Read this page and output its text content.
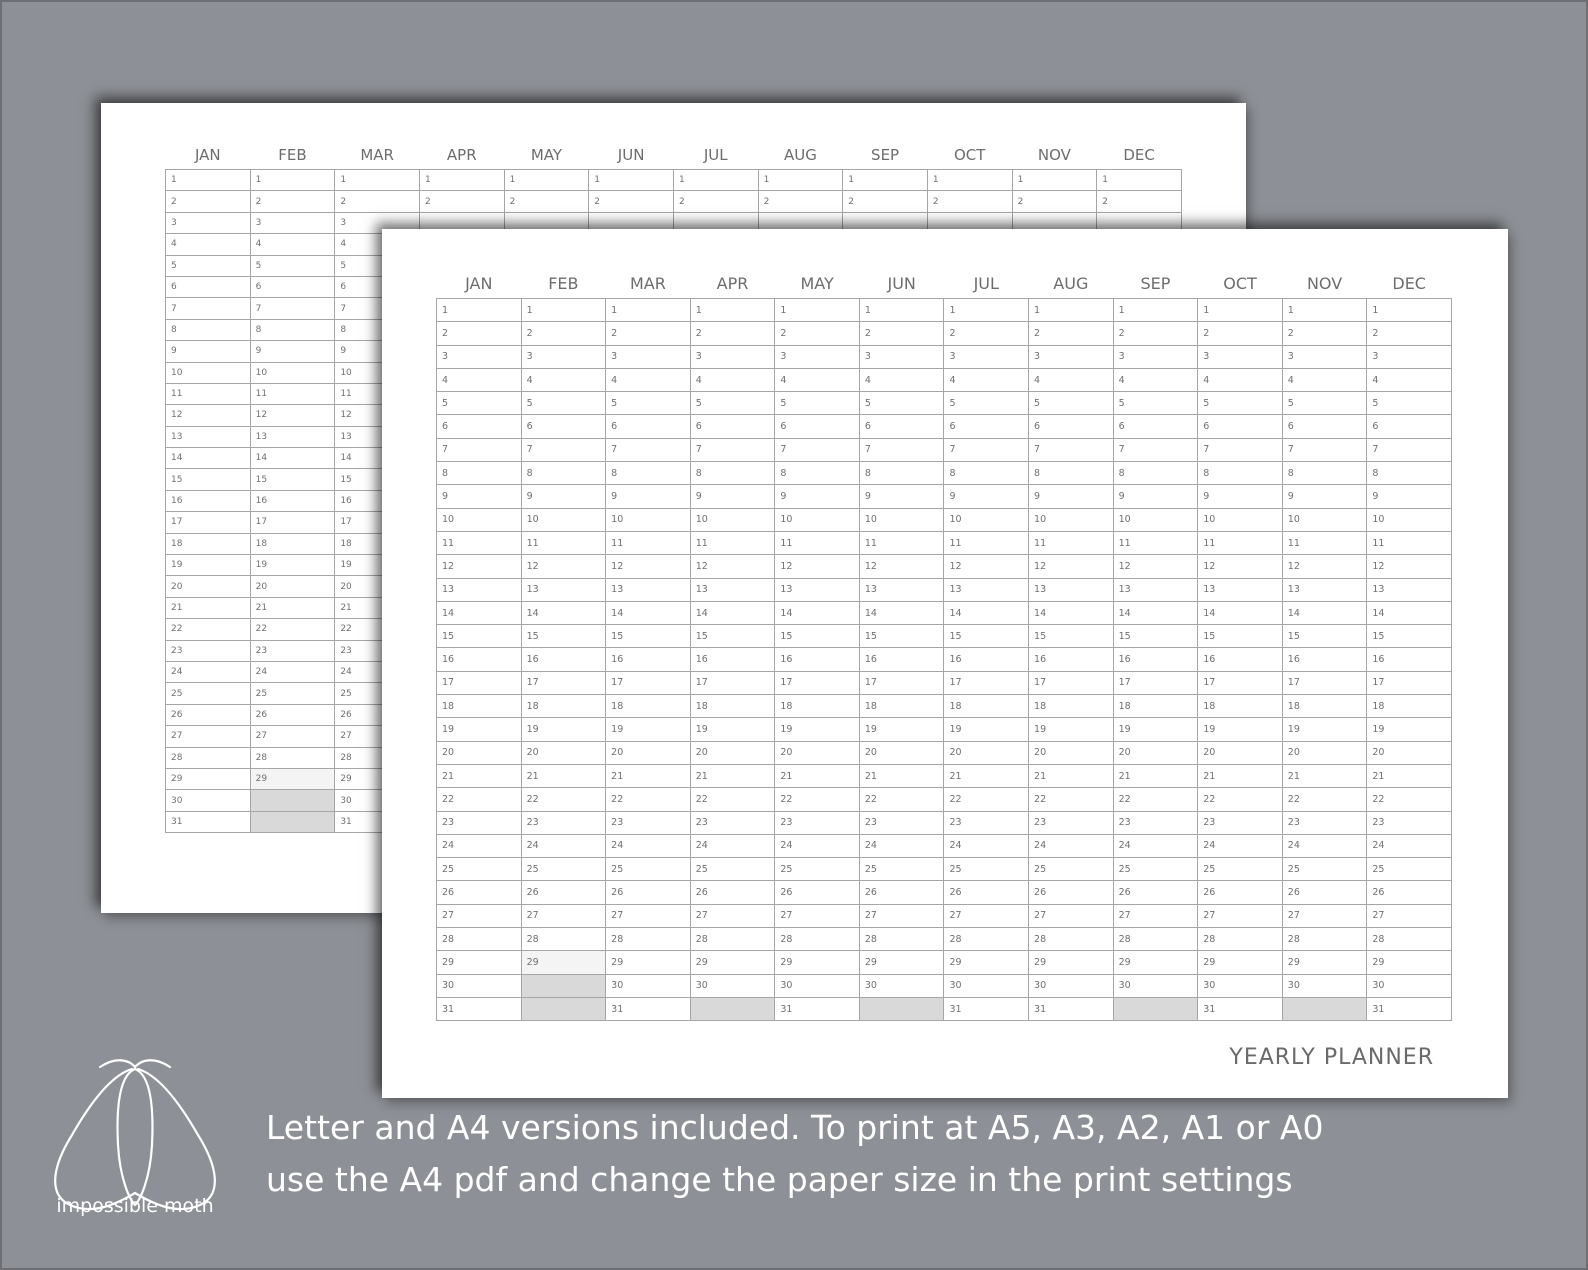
JAN	FEB	MAR	APR	MAY	JUN	JUL	AUG	SEP	OCT	NOV	DEC
1	1	1	1	1	1	1	1	1	1	1	1
2	2	2	2	2	2	2	2	2	2	2	2
3	3	3									
4	4	4									
5	5	5									
6	6	6									
7	7	7									
8	8	8									
9	9	9									
10	10	10									
11	11	11									
12	12	12									
13	13	13									
14	14	14									
15	15	15									
16	16	16									
17	17	17									
18	18	18									
19	19	19									
20	20	20									
21	21	21									
22	22	22									
23	23	23									
24	24	24									
25	25	25									
26	26	26									
27	27	27									
28	28	28									
29	29	29									
30		30									
31		31									
JAN	FEB	MAR	APR	MAY	JUN	JUL	AUG	SEP	OCT	NOV	DEC
1	1	1	1	1	1	1	1	1	1	1	1
2	2	2	2	2	2	2	2	2	2	2	2
3	3	3	3	3	3	3	3	3	3	3	3
4	4	4	4	4	4	4	4	4	4	4	4
5	5	5	5	5	5	5	5	5	5	5	5
6	6	6	6	6	6	6	6	6	6	6	6
7	7	7	7	7	7	7	7	7	7	7	7
8	8	8	8	8	8	8	8	8	8	8	8
9	9	9	9	9	9	9	9	9	9	9	9
10	10	10	10	10	10	10	10	10	10	10	10
11	11	11	11	11	11	11	11	11	11	11	11
12	12	12	12	12	12	12	12	12	12	12	12
13	13	13	13	13	13	13	13	13	13	13	13
14	14	14	14	14	14	14	14	14	14	14	14
15	15	15	15	15	15	15	15	15	15	15	15
16	16	16	16	16	16	16	16	16	16	16	16
17	17	17	17	17	17	17	17	17	17	17	17
18	18	18	18	18	18	18	18	18	18	18	18
19	19	19	19	19	19	19	19	19	19	19	19
20	20	20	20	20	20	20	20	20	20	20	20
21	21	21	21	21	21	21	21	21	21	21	21
22	22	22	22	22	22	22	22	22	22	22	22
23	23	23	23	23	23	23	23	23	23	23	23
24	24	24	24	24	24	24	24	24	24	24	24
25	25	25	25	25	25	25	25	25	25	25	25
26	26	26	26	26	26	26	26	26	26	26	26
27	27	27	27	27	27	27	27	27	27	27	27
28	28	28	28	28	28	28	28	28	28	28	28
29	29	29	29	29	29	29	29	29	29	29	29
30		30	30	30	30	30	30	30	30	30	30
31		31		31		31	31		31		31
YEARLY PLANNER
impossible moth
Letter and A4 versions included. To print at A5, A3, A2, A1 or A0
use the A4 pdf and change the paper size in the print settings
